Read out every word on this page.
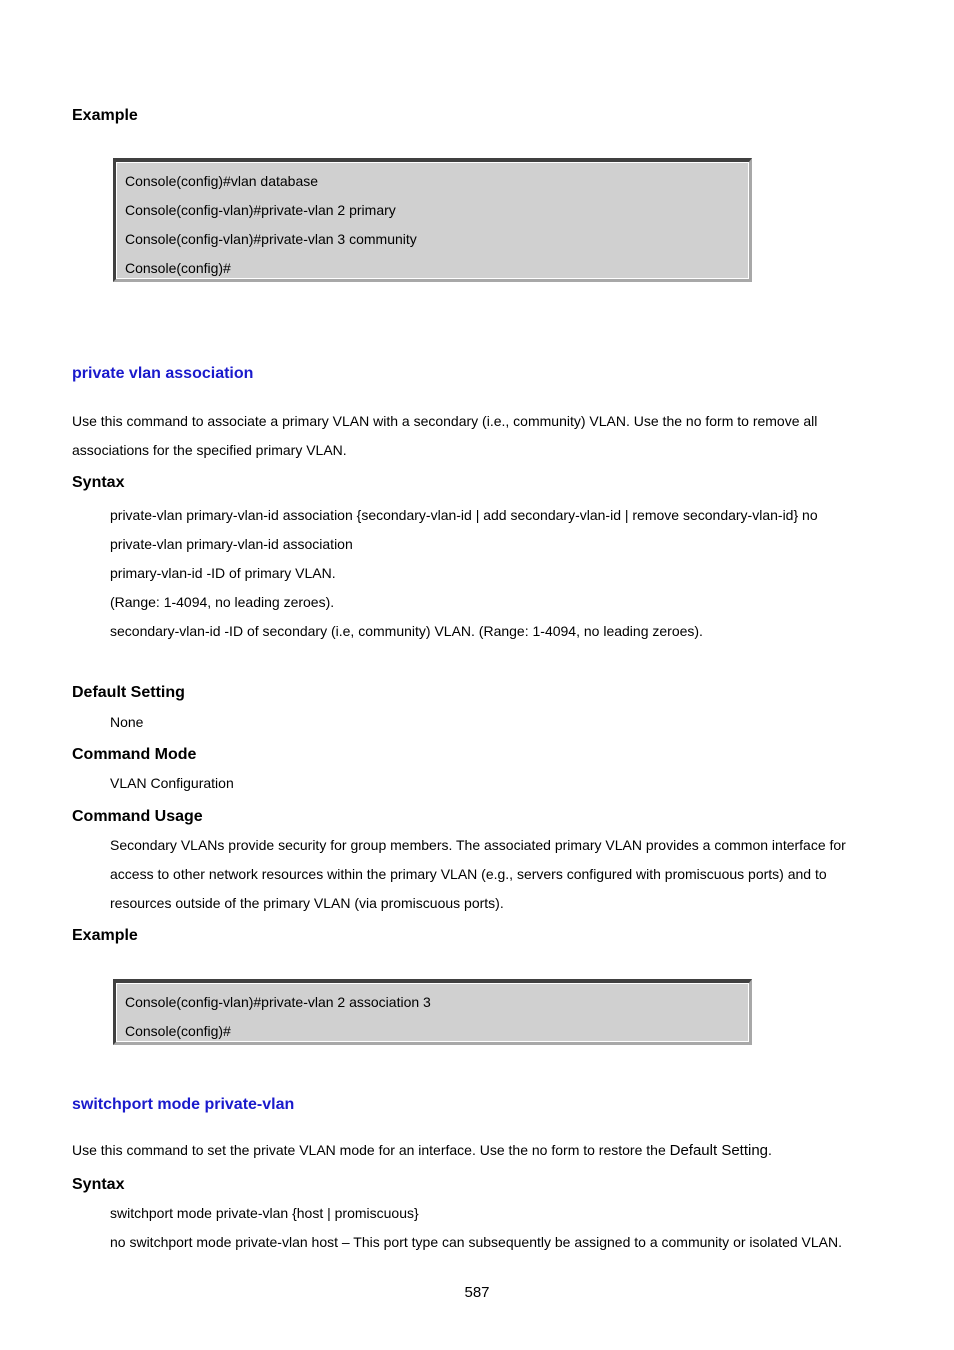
Example
Console(config)#vlan database
Console(config-vlan)#private-vlan 2 primary
Console(config-vlan)#private-vlan 3 community
Console(config)#
private vlan association
Use this command to associate a primary VLAN with a secondary (i.e., community) VLAN. Use the no form to remove all
associations for the specified primary VLAN.
Syntax
private-vlan primary-vlan-id association {secondary-vlan-id | add secondary-vlan-id | remove secondary-vlan-id} no
private-vlan primary-vlan-id association
primary-vlan-id -ID of primary VLAN.
(Range: 1-4094, no leading zeroes).
secondary-vlan-id -ID of secondary (i.e, community) VLAN. (Range: 1-4094, no leading zeroes).
Default Setting
None
Command Mode
VLAN Configuration
Command Usage
Secondary VLANs provide security for group members. The associated primary VLAN provides a common interface for
access to other network resources within the primary VLAN (e.g., servers configured with promiscuous ports) and to
resources outside of the primary VLAN (via promiscuous ports).
Example
Console(config-vlan)#private-vlan 2 association 3
Console(config)#
switchport mode private-vlan
Use this command to set the private VLAN mode for an interface. Use the no form to restore the Default Setting.
Syntax
switchport mode private-vlan {host | promiscuous}
no switchport mode private-vlan host – This port type can subsequently be assigned to a community or isolated VLAN.
587
